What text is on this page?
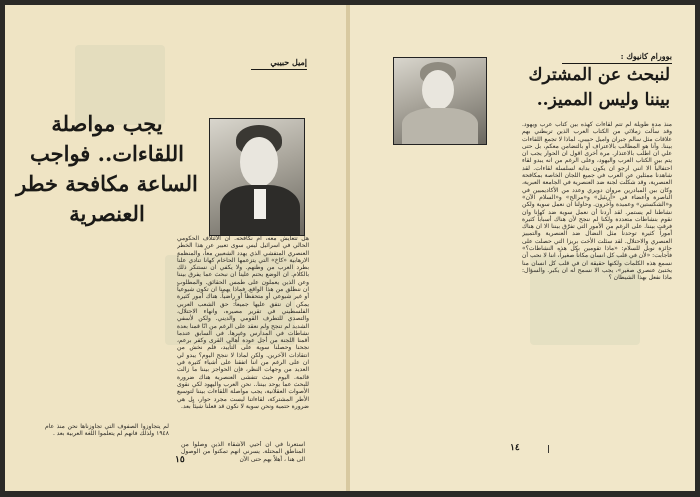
إميل حبيبي
يجب مواصلة اللقاءات.. فواجب الساعة مكافحة خطر العنصرية
هل تتعايش معه، أم نكافحه. ان الائتلاف الحكومي الحالي في اسرائيل ليس سوى تعبير عن هذا الخطر العنصري المتفشي الذي يهدد الشعبين معاً، والمنظمة الارهابية «كاخ» التي يتزعمها الحاخام كهانا تنادي علناً بطرد العرب من وطنهم. ولا يكفي ان نستنكر ذلك بالكلام. ان الوضع يحتم علينا ان نبحث عما يفرق بيننا وعن الذين يعملون على طمس الحقائق. والمطلوب ان ننطلق من هذا الواقع. فماذا يهمنا ان تكون شيوعياً أو غير شيوعي أو متحفظاً أو راضياً. هناك أمور كثيرة يمكن ان نتفق عليها جميعاً: حق الشعب العربي الفلسطيني في تقرير مصيره، وانهاء الاحتلال، والتصدي للتطرف القومي والديني. ولكن لأسفي الشديد لم تنجح ولم نعقد على الرغم من انّا قمنا بعدة نشاطات في المدارس وغيرها. في السابق عندما أقمنا اللجنة من أجل عودة أهالي القرى وكفر برعم، نجحنا وحصلنا سوية على التأييد، فلم نخش من انتقادات الآخرين. ولكن لماذا لا ننجح اليوم؟ يبدو لي ان على الرغم من اننا اتفقنا على أشياء كثيرة في العديد من وجهات النظر، فإن الحواجز بيننا ما زالت قائمة. اليوم حيث تتفشى العنصرية هناك ضرورة للبحث عما يوحد بيننا.. نحن العرب واليهود لكي نقوى الأصوات العقلانية، يجب مواصلة اللقاءات بيننا لتوسيع الأطر المشتركة، لقاءاتنا ليست مجرد حوار، بل هي ضرورة حتمية ونحن سوية لا نكون قد فعلنا شيئاً بعد.
استعرنا في ان أحيي الأشقاء الذين وصلوا من المناطق المحتلة. يسرني انهم تمكنوا من الوصول الى هنا ، أهلاً بهم حتى الآن
لم يتجاوزوا الصفوف التي تجاوزناها نحن منذ عام ١٩٤٨ ولذلك فانهم لم يتعلموا اللغة العربية بعد .
١٥
بوورام كانيوك :
لنبحث عن المشترك بيننا وليس المميز..
منذ مدة طويلة لم تتم لقاءات كهذه بين كتاب عرب ويهود. وقد سألت زملائي من الكتاب العرب الذين تربطني بهم علاقات مثل سالم جبران واميل حبيبي. لماذا لا تجمع اللقاءات بيننا. وأنا هو المطالب بالاعتراف أو بالتضامن معكم، بل حتى علي ان اطلب بالاعتذار. مرة أخرى اقول ان الحوار يجب ان يتم بين الكتاب العرب واليهود، وعلى الرغم من انه يبدو لقاء احتفالياً الا انني ارجو ان يكون بداية لسلسلة لقاءات. لقد شاهدنا ممثلين عن العرب في جميع اللجان الخاصة بمكافحة العنصرية، وقد شكلت لجنة ضد العنصرية في الجامعة العبرية، وكان بين المبادرين مروان دويري وعدد من الأكاديميين في الناصرة وأعضاء في «أريئيل» و«مرالح» و«السلام الآن» و«الشكستين» وعميدة وآخرون. وحاولنا ان نعمل سوية ولكن نشاطنا لم يستمر. لقد أردنا أن نعمل سوية ضد كهانا وان نقوم بنشاطات متعددة ولكنا لم ننجح لأن هناك أسباباً كثيرة فرقت بيننا. على الرغم من الأمور التي تفرّق بيننا الا ان هناك أموراً كثيرة توحدنا مثل النضال ضد العنصرية والتمييز العنصري والاحتلال. لقد سئلت الأخت بريزا التي حصلت على جائزة نوبل للسلام: «ماذا تقومين بكل هذه النشاطات؟» فأجابت: «لأن في قلب كل انسان مكاناً صغيراً، اننا لا نحب أن نسمع هذه الكلمات ولكنها حقيقة ان في قلب كل انسان منا يختبئ عنصري صغير»، يجب الا نسمح له ان يكبر. والسؤال: ماذا نفعل بهذا الشيطان ؟
١٤
